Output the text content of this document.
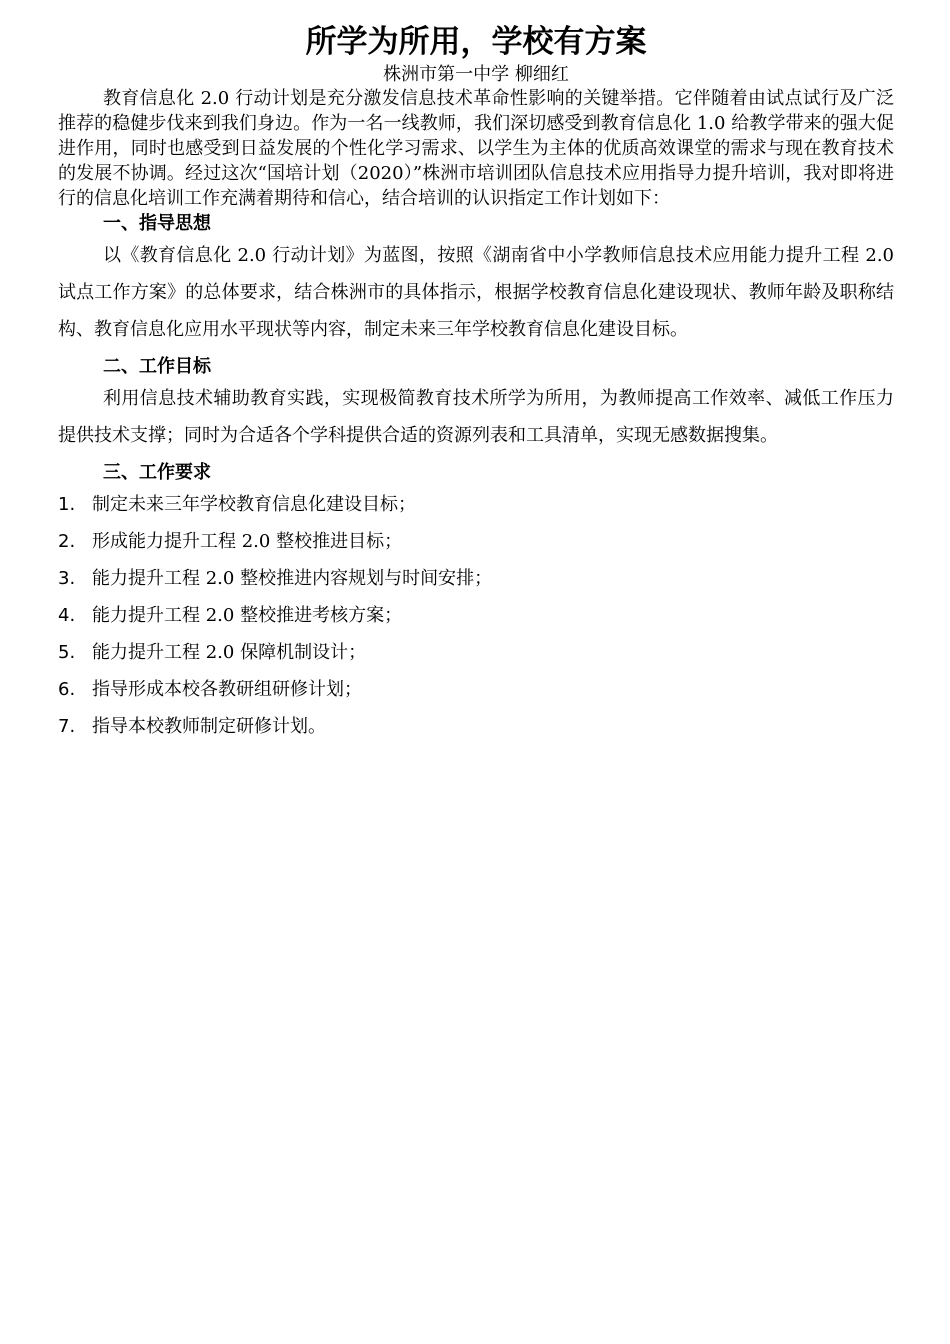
所学为所用，学校有方案

株洲市第一中学 柳细红

教育信息化 2.0 行动计划是充分激发信息技术革命性影响的关键举措。它伴随着由试点试行及广泛推荐的稳健步伐来到我们身边。作为一名一线教师，我们深切感受到教育信息化 1.0 给教学带来的强大促进作用，同时也感受到日益发展的个性化学习需求、以学生为主体的优质高效课堂的需求与现在教育技术的发展不协调。经过这次“国培计划（2020）”株洲市培训团队信息技术应用指导力提升培训，我对即将进行的信息化培训工作充满着期待和信心，结合培训的认识指定工作计划如下：

一、指导思想

以《教育信息化 2.0 行动计划》为蓝图，按照《湖南省中小学教师信息技术应用能力提升工程 2.0 试点工作方案》的总体要求，结合株洲市的具体指示，根据学校教育信息化建设现状、教师年龄及职称结构、教育信息化应用水平现状等内容，制定未来三年学校教育信息化建设目标。

二、工作目标

利用信息技术辅助教育实践，实现极简教育技术所学为所用，为教师提高工作效率、减低工作压力提供技术支撑；同时为合适各个学科提供合适的资源列表和工具清单，实现无感数据搜集。

三、工作要求
1. 制定未来三年学校教育信息化建设目标；
2. 形成能力提升工程 2.0 整校推进目标；
3. 能力提升工程 2.0 整校推进内容规划与时间安排；
4. 能力提升工程 2.0 整校推进考核方案；
5. 能力提升工程 2.0 保障机制设计；
6. 指导形成本校各教研组研修计划；
7. 指导本校教师制定研修计划。
